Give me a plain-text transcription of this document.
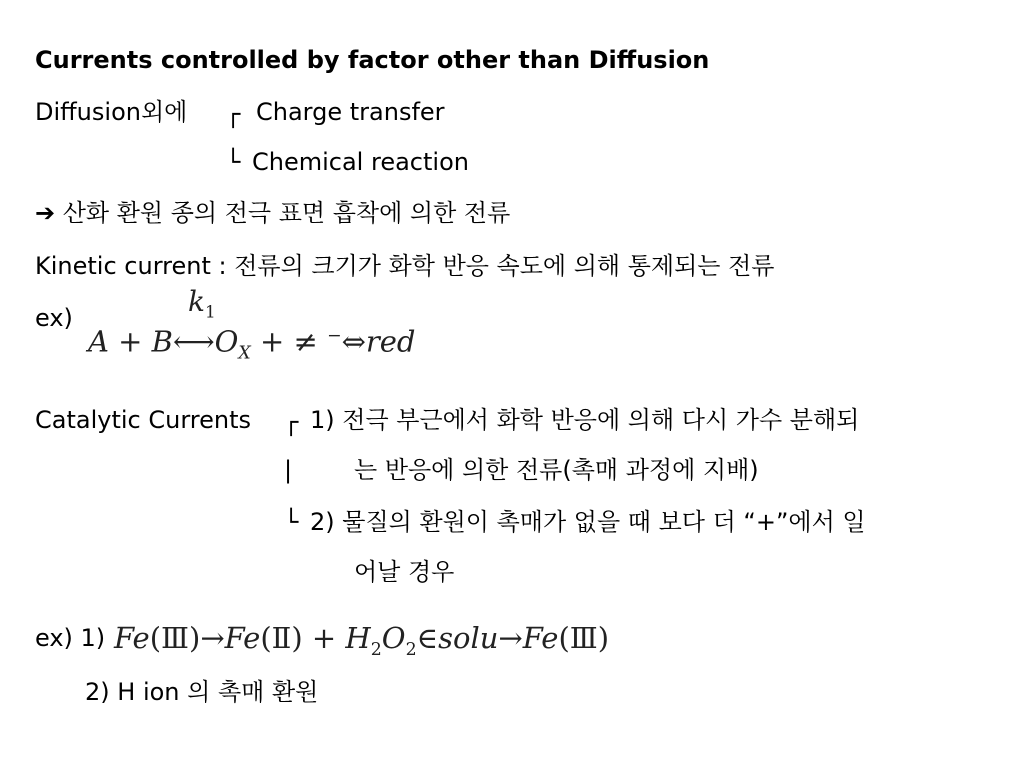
Currents controlled by factor other than Diffusion
Diffusion외에 ┌ Charge transfer
└ Chemical reaction
➔ 산화 환원 종의 전극 표면 흡착에 의한 전류
Kinetic current : 전류의 크기가 화학 반응 속도에 의해 통제되는 전류
ex)	$k_1$
$A + B⟷O_X$ + ≠ −⇔red
Catalytic Currents ┌ 1) 전극 부근에서 화학 반응에 의해 다시 가수 분해되
|	는 반응에 의한 전류(촉매 과정에 지배)
└ 2) 물질의 환원이 촉매가 없을 때 보다 더 “+”에서 일
어날 경우
ex) 1) Fe(Ⅲ)→Fe(Ⅱ) + $H_2O_2\in solu\to Fe(Ⅲ)$
2) H ion 의 촉매 환원
